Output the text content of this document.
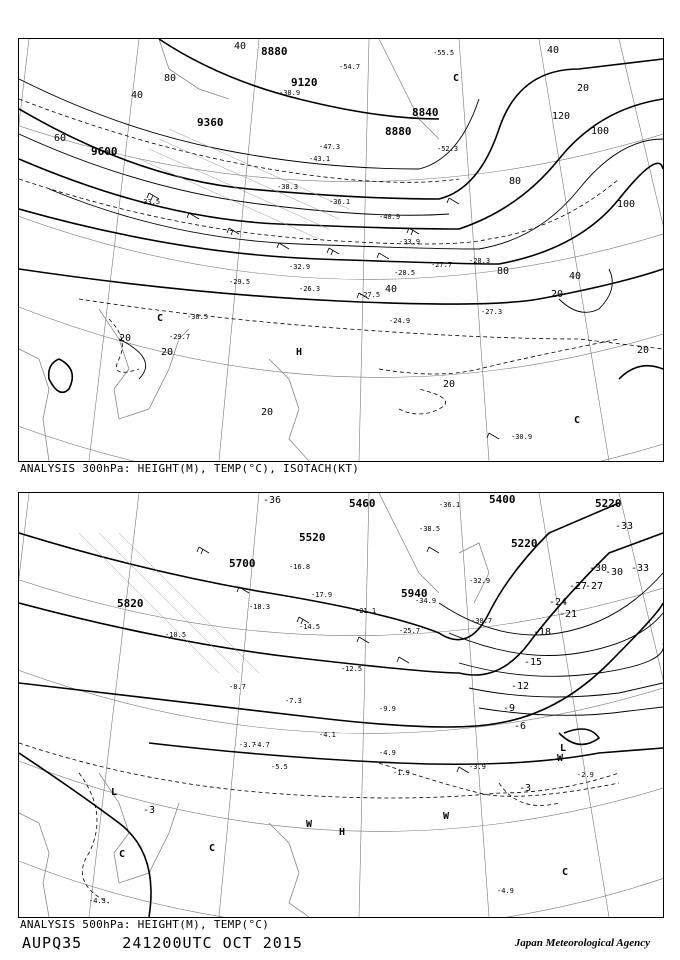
8880
9120
9360
9600
8840
8880
40
60
80
40
20
20
20
20
40
80
100
100
120
20
20
40
80	40
20
H
C
C
C
-54.7
-52.3
-55.5
-47.3
-43.1
-40.9
-36.1
-38.3
-33.9
-32.9
-29.5
-28.3
-27.3
-27.5
-26.3
-24.9
-30.9
-33.5
-27.7
-28.5
-29.7
-30.5
-38.9
ANALYSIS 300hPa: HEIGHT(M), TEMP(°C), ISOTACH(KT)
5460
5520
5700
5820
5400
5220
5940
5220
-36
-33
-30
-27
-24
-21
-18
-15
-12
-9
-6
-3
-3
-33
-30
-27
L
L
H
W
W
W
C
C
C
-36.1
-38.5
-34.9
-32.9
-30.7
-25.7
-21.1
-17.9
-16.8
-18.3
-14.5
-12.5
-10.5
-9.9
-8.7
-7.3
-5.5
-4.9
-4.1
-3.9
-3.7
-2.9
-1.9
-4.9
-4.3
-4.7
ANALYSIS 500hPa: HEIGHT(M), TEMP(°C)
AUPQ35    241200UTC OCT 2015	Japan Meteorological Agency
